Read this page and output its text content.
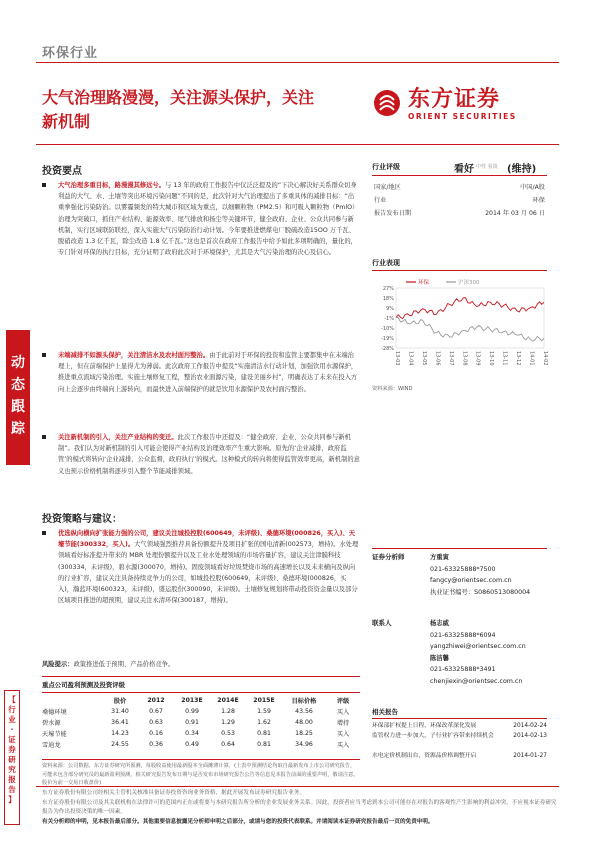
环保行业
大气治理路漫漫，关注源头保护，关注
新机制
东方证券
ORIENT SECURITIES
投资要点
大气治理多重目标，路漫漫其修远兮。与 13 年的政府工作报告中仅泛泛提及的“下决心解决好关系群众切身利益的大气、水、土壤等突出环境污染问题”不同的是，此次针对大气治理提出了多重具体的减排目标：“出重拳强化污染防治。以雾霾频发的特大城市和区域为重点，以细颗粒物（PM2.5）和可吸入颗粒物（PmlO）治理为突破口，抓住产业结构、能源效率、尾气排放和扬尘等关键环节，健全政府、企业、公众共同参与新机制，实行区域联防联控，深入实施大气污染防治行动计划。今年要推进燃煤电厂脱硫改造15OO 万千瓦、脱硝改造 1.3 亿千瓦，除尘改造 1.8 亿千瓦。”这也是首次在政府工作报告中给予如此多项明确的，量化的，专门针对环保的执行目标，充分证明了政府此次对于环境保护，尤其是大气污染治理的决心及信心。
末端减排不如源头保护，关注清洁水及农村面污整治。由于此前对于环保的投资和监管主要都集中在末端治理上，但在前端保护上显得尤为薄弱。此次政府工作报告中提及“实施清洁水行动计划，加强饮用水源保护，推进重点流域污染治理。实施土壤修复工程，整治农业面源污染，建设美丽乡村”，明确表达了未来在投入方向上会逐步由终端向上游转向，而最快进入前端保护的就是饮用水源保护及农村面污整治。
关注新机制的引入，关注产业结构的变迁。此次工作报告中还提及：“健全政府、企业、公众共同参与新机制”。我们认为对新机制的引入可能会使得产业结构及治理效率产生重大影响。原先的‘企业减排，政府监管’的模式将转向‘企业减排，公众监督，政府执行’的模式。这种模式的转向将使得监管效率更高，新机制的意义也预示价格机制将逐步引入整个节能减排领域。
投资策略与建议：
优选纵向横向扩张能力强的公司，建议关注城投控股(600649，未评级)、桑德环境(000826，买入)、天壕节能(300332，买入)。大气领域强烈推荐具备份额提升及项目扩张的国电清新(002573，增持)。水处理领域看好标准提升带来的 MBR 处理份额提升以及工业水处理领域的市场容量扩容，建议关注津膜科技(300334，未评级)，碧水源(300070，增持)。固废领域看好垃圾焚烧市场的高速增长以及未来横向及纵向的行业扩容，建议关注具备持续竞争力的公司，如城投控股(600649，未评级)、桑德环境(000826，买入)，瀚蓝环境(600323，未评级)，盛运股份(300090，未评级)。土壤修复规划将带动投资资金量以及部分区域项目推进的超预期，建议关注永清环保(300187，增持)。
风险提示：政策推进低于预期、产品价格竞争。
重点公司盈利预测及投资评级
	股价	2012	2013E	2014E	2015E	目标价格	评级
桑德环境	31.40	0.67	0.99	1.28	1.59	43.56	买入
碧水源	36.41	0.63	0.91	1.29	1.62	48.00	增持
天壕节能	14.23	0.16	0.34	0.53	0.81	18.25	买入
雪迪龙	24.55	0.36	0.49	0.64	0.81	34.96	买入
资料来源：公司数据，东方证券研究所预测，每股收益使用最新股本全面摊薄计算，(上表中预测结论均取自最新发布上市公司研究报告，可能未包含部分研究员的最新盈利预测，相关研究报告发布日期与是否发布市场研究报告公告等信息见本报告前面的重要声明，敬请注意。股价为前一交易日收盘价)
行业评级	看好 中性 看淡 (维持)
国家/地区	中国/A股
行业	环保
报告发布日期	2014 年 03 月 06 日
行业表现
27%
18%
9%
-1%
-10%
-19%
-28%
13-03 13-04 13-05 13-06 13-07 13-08 13-09 13-10 13-11 13-12 14-01 14-02
环保	沪深300
资料来源：WIND
证券分析师	方重寅
021-63325888*7500
fangcy@orientsec.com.cn
执业证书编号：S0860513080004
联系人	杨志威
021-63325888*6094
yangzhiwei@orientsec.com.cn
陈洁馨
021-63325888*3491
chenjiexin@orientsec.com.cn
相关报告
环保部扩权提上日程，环保改革深化发展	2014-02-24
监管权力进一步加大，子行业扩容带来持续机会	2014-02-13
水电定价机制出台，资源品价格调整开启	2014-01-27
动
态
跟
踪
【
行
业
·
证
券
研
究
报
告
】
东方证券股份有限公司经相关主管机关核准具备证券投资咨询业务资格，据此开展发布证券研究报告业务。
东方证券股份有限公司及其关联机构在法律许可的范围内正在或将要与本研究报告所分析的企业发展业务关系。因此，投资者应当考虑到本公司可能存在对报告的客观性产生影响的利益冲突，不应视本证券研究报告为作出投资决策的唯一因素。
有关分析师的申明，见本报告最后部分。其他重要信息披露见分析师申明之后部分，或请与您的投资代表联系。并请阅读本证券研究报告最后一页的免责申明。
